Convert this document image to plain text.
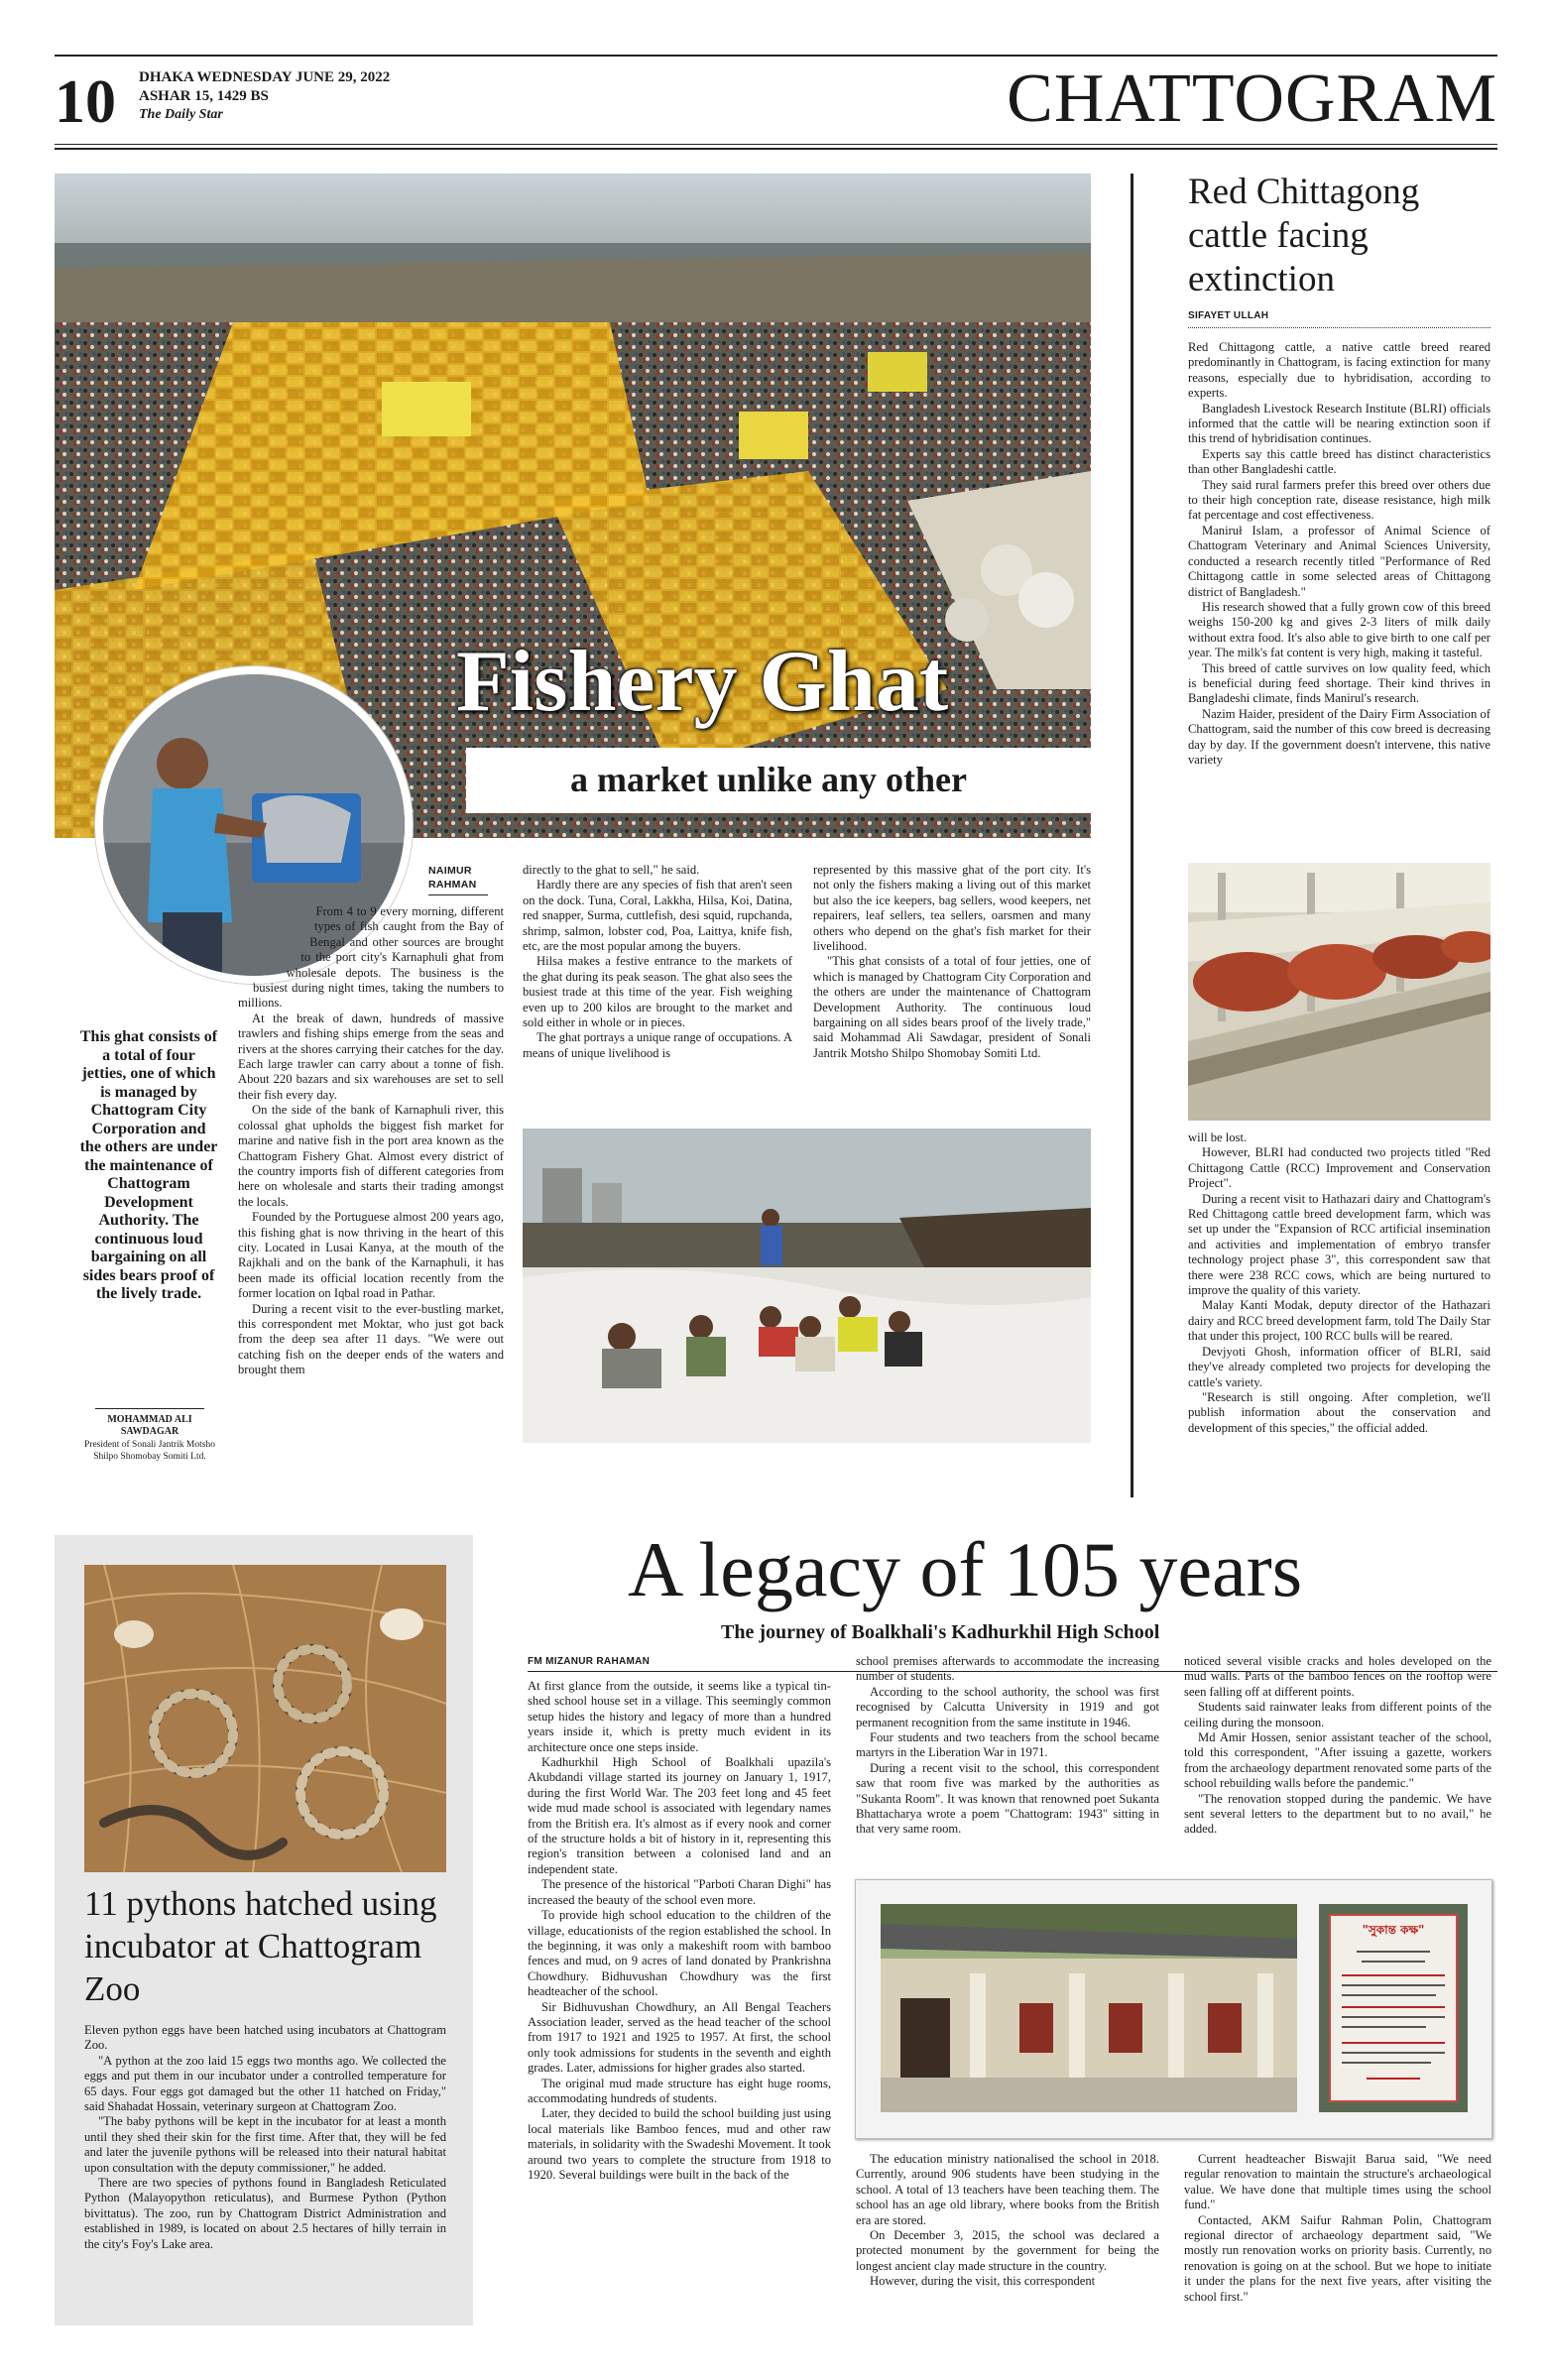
10 DHAKA WEDNESDAY JUNE 29, 2022
ASHAR 15, 1429 BS
The Daily Star	CHATTOGRAM
Fishery Ghat
a market unlike any other
NAIMUR
RAHMAN

From 4 to 9 every morning, different types of fish caught from the Bay of Bengal and other sources are brought to the port city's Karnaphuli ghat from wholesale depots. The business is the busiest during night times, taking the numbers to millions.

At the break of dawn, hundreds of massive trawlers and fishing ships emerge from the seas and rivers at the shores carrying their catches for the day. Each large trawler can carry about a tonne of fish. About 220 bazars and six warehouses are set to sell their fish every day.

On the side of the bank of Karnaphuli river, this colossal ghat upholds the biggest fish market for marine and native fish in the port area known as the Chattogram Fishery Ghat. Almost every district of the country imports fish of different categories from here on wholesale and starts their trading amongst the locals.

Founded by the Portuguese almost 200 years ago, this fishing ghat is now thriving in the heart of this city. Located in Lusai Kanya, at the mouth of the Rajkhali and on the bank of the Karnaphuli, it has been made its official location recently from the former location on Iqbal road in Pathar.

During a recent visit to the ever-bustling market, this correspondent met Moktar, who just got back from the deep sea after 11 days. "We were out catching fish on the deeper ends of the waters and brought them

This ghat consists of a total of four jetties, one of which is managed by Chattogram City Corporation and the others are under the maintenance of Chattogram Development Authority. The continuous loud bargaining on all sides bears proof of the lively trade.
MOHAMMAD ALI SAWDAGAR
President of Sonali Jantrik Motsho Shilpo Shomobay Somiti Ltd.

directly to the ghat to sell," he said.

Hardly there are any species of fish that aren't seen on the dock. Tuna, Coral, Lakkha, Hilsa, Koi, Datina, red snapper, Surma, cuttlefish, desi squid, rupchanda, shrimp, salmon, lobster cod, Poa, Laittya, knife fish, etc, are the most popular among the buyers.

Hilsa makes a festive entrance to the markets of the ghat during its peak season. The ghat also sees the busiest trade at this time of the year. Fish weighing even up to 200 kilos are brought to the market and sold either in whole or in pieces.

The ghat portrays a unique range of occupations. A means of unique livelihood is

represented by this massive ghat of the port city. It's not only the fishers making a living out of this market but also the ice keepers, bag sellers, wood keepers, net repairers, leaf sellers, tea sellers, oarsmen and many others who depend on the ghat's fish market for their livelihood.

"This ghat consists of a total of four jetties, one of which is managed by Chattogram City Corporation and the others are under the maintenance of Chattogram Development Authority. The continuous loud bargaining on all sides bears proof of the lively trade," said Mohammad Ali Sawdagar, president of Sonali Jantrik Motsho Shilpo Shomobay Somiti Ltd.

Red Chittagong cattle facing extinction
SIFAYET ULLAH

Red Chittagong cattle, a native cattle breed reared predominantly in Chattogram, is facing extinction for many reasons, especially due to hybridisation, according to experts.

Bangladesh Livestock Research Institute (BLRI) officials informed that the cattle will be nearing extinction soon if this trend of hybridisation continues.

Experts say this cattle breed has distinct characteristics than other Bangladeshi cattle.

They said rural farmers prefer this breed over others due to their high conception rate, disease resistance, high milk fat percentage and cost effectiveness.

Maniruł Islam, a professor of Animal Science of Chattogram Veterinary and Animal Sciences University, conducted a research recently titled "Performance of Red Chittagong cattle in some selected areas of Chittagong district of Bangladesh."

His research showed that a fully grown cow of this breed weighs 150-200 kg and gives 2-3 liters of milk daily without extra food. It's also able to give birth to one calf per year. The milk's fat content is very high, making it tasteful.

This breed of cattle survives on low quality feed, which is beneficial during feed shortage. Their kind thrives in Bangladeshi climate, finds Manirul's research.

Nazim Haider, president of the Dairy Firm Association of Chattogram, said the number of this cow breed is decreasing day by day. If the government doesn't intervene, this native variety

will be lost.

However, BLRI had conducted two projects titled "Red Chittagong Cattle (RCC) Improvement and Conservation Project".

During a recent visit to Hathazari dairy and Chattogram's Red Chittagong cattle breed development farm, which was set up under the "Expansion of RCC artificial insemination and activities and implementation of embryo transfer technology project phase 3", this correspondent saw that there were 238 RCC cows, which are being nurtured to improve the quality of this variety.

Malay Kanti Modak, deputy director of the Hathazari dairy and RCC breed development farm, told The Daily Star that under this project, 100 RCC bulls will be reared.

Devjyoti Ghosh, information officer of BLRI, said they've already completed two projects for developing the cattle's variety.

"Research is still ongoing. After completion, we'll publish information about the conservation and development of this species," the official added.

11 pythons hatched using incubator at Chattogram Zoo

Eleven python eggs have been hatched using incubators at Chattogram Zoo.

"A python at the zoo laid 15 eggs two months ago. We collected the eggs and put them in our incubator under a controlled temperature for 65 days. Four eggs got damaged but the other 11 hatched on Friday," said Shahadat Hossain, veterinary surgeon at Chattogram Zoo.

"The baby pythons will be kept in the incubator for at least a month until they shed their skin for the first time. After that, they will be fed and later the juvenile pythons will be released into their natural habitat upon consultation with the deputy commissioner," he added.

There are two species of pythons found in Bangladesh Reticulated Python (Malayopython reticulatus), and Burmese Python (Python bivittatus). The zoo, run by Chattogram District Administration and established in 1989, is located on about 2.5 hectares of hilly terrain in the city's Foy's Lake area.

A legacy of 105 years
The journey of Boalkhali's Kadhurkhil High School
FM MIZANUR RAHAMAN

At first glance from the outside, it seems like a typical tin-shed school house set in a village. This seemingly common setup hides the history and legacy of more than a hundred years inside it, which is pretty much evident in its architecture once one steps inside.

Kadhurkhil High School of Boalkhali upazila's Akubdandi village started its journey on January 1, 1917, during the first World War. The 203 feet long and 45 feet wide mud made school is associated with legendary names from the British era. It's almost as if every nook and corner of the structure holds a bit of history in it, representing this region's transition between a colonised land and an independent state.

The presence of the historical "Parboti Charan Dighi" has increased the beauty of the school even more.

To provide high school education to the children of the village, educationists of the region established the school. In the beginning, it was only a makeshift room with bamboo fences and mud, on 9 acres of land donated by Prankrishna Chowdhury. Bidhuvushan Chowdhury was the first headteacher of the school.

Sir Bidhuvushan Chowdhury, an All Bengal Teachers Association leader, served as the head teacher of the school from 1917 to 1921 and 1925 to 1957. At first, the school only took admissions for students in the seventh and eighth grades. Later, admissions for higher grades also started.

The original mud made structure has eight huge rooms, accommodating hundreds of students.

Later, they decided to build the school building just using local materials like Bamboo fences, mud and other raw materials, in solidarity with the Swadeshi Movement. It took around two years to complete the structure from 1918 to 1920. Several buildings were built in the back of the

school premises afterwards to accommodate the increasing number of students.

According to the school authority, the school was first recognised by Calcutta University in 1919 and got permanent recognition from the same institute in 1946.

Four students and two teachers from the school became martyrs in the Liberation War in 1971.

During a recent visit to the school, this correspondent saw that room five was marked by the authorities as "Sukanta Room". It was known that renowned poet Sukanta Bhattacharya wrote a poem "Chattogram: 1943" sitting in that very same room.

noticed several visible cracks and holes developed on the mud walls. Parts of the bamboo fences on the rooftop were seen falling off at different points.

Students said rainwater leaks from different points of the ceiling during the monsoon.

Md Amir Hossen, senior assistant teacher of the school, told this correspondent, "After issuing a gazette, workers from the archaeology department renovated some parts of the school rebuilding walls before the pandemic."

"The renovation stopped during the pandemic. We have sent several letters to the department but to no avail," he added.

"সুকান্ত কক্ষ"

The education ministry nationalised the school in 2018. Currently, around 906 students have been studying in the school. A total of 13 teachers have been teaching them. The school has an age old library, where books from the British era are stored.

On December 3, 2015, the school was declared a protected monument by the government for being the longest ancient clay made structure in the country.

However, during the visit, this correspondent

Current headteacher Biswajit Barua said, "We need regular renovation to maintain the structure's archaeological value. We have done that multiple times using the school fund."

Contacted, AKM Saifur Rahman Polin, Chattogram regional director of archaeology department said, "We mostly run renovation works on priority basis. Currently, no renovation is going on at the school. But we hope to initiate it under the plans for the next five years, after visiting the school first."
